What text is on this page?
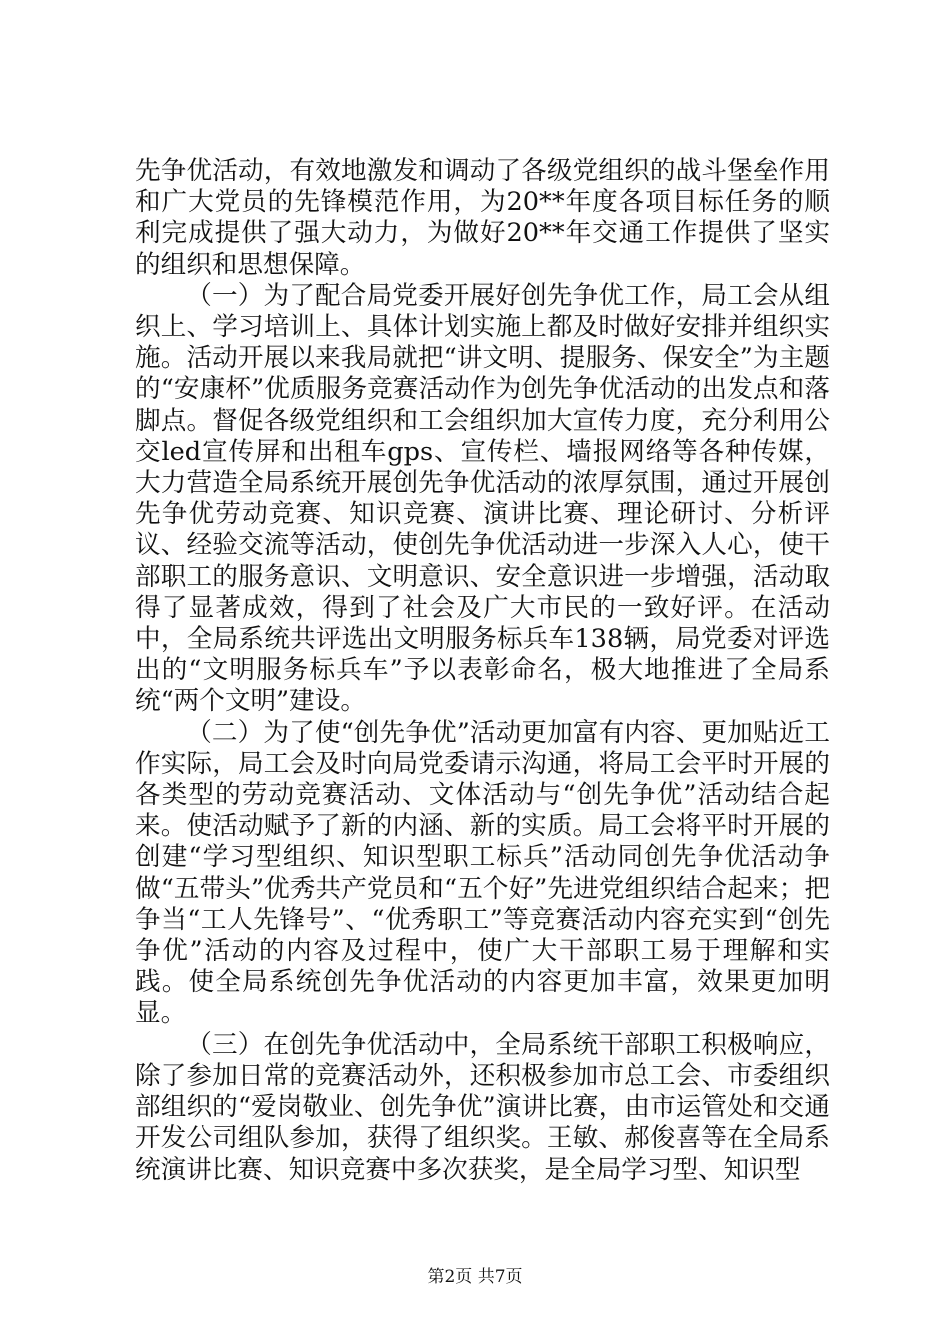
先争优活动，有效地激发和调动了各级党组织的战斗堡垒作用和广大党员的先锋模范作用，为20**年度各项目标任务的顺利完成提供了强大动力，为做好20**年交通工作提供了坚实的组织和思想保障。

（一）为了配合局党委开展好创先争优工作，局工会从组织上、学习培训上、具体计划实施上都及时做好安排并组织实施。活动开展以来我局就把“讲文明、提服务、保安全”为主题的“安康杯”优质服务竞赛活动作为创先争优活动的出发点和落脚点。督促各级党组织和工会组织加大宣传力度，充分利用公交led宣传屏和出租车gps、宣传栏、墙报网络等各种传媒，大力营造全局系统开展创先争优活动的浓厚氛围，通过开展创先争优劳动竞赛、知识竞赛、演讲比赛、理论研讨、分析评议、经验交流等活动，使创先争优活动进一步深入人心，使干部职工的服务意识、文明意识、安全意识进一步增强，活动取得了显著成效，得到了社会及广大市民的一致好评。在活动中，全局系统共评选出文明服务标兵车138辆，局党委对评选出的“文明服务标兵车”予以表彰命名，极大地推进了全局系统“两个文明”建设。

（二）为了使“创先争优”活动更加富有内容、更加贴近工作实际，局工会及时向局党委请示沟通，将局工会平时开展的各类型的劳动竞赛活动、文体活动与“创先争优”活动结合起来。使活动赋予了新的内涵、新的实质。局工会将平时开展的创建“学习型组织、知识型职工标兵”活动同创先争优活动争做“五带头”优秀共产党员和“五个好”先进党组织结合起来；把争当“工人先锋号”、“优秀职工”等竞赛活动内容充实到“创先争优”活动的内容及过程中，使广大干部职工易于理解和实践。使全局系统创先争优活动的内容更加丰富，效果更加明显。

（三）在创先争优活动中，全局系统干部职工积极响应，除了参加日常的竞赛活动外，还积极参加市总工会、市委组织部组织的“爱岗敬业、创先争优”演讲比赛，由市运管处和交通开发公司组队参加，获得了组织奖。王敏、郝俊喜等在全局系统演讲比赛、知识竞赛中多次获奖，是全局学习型、知识型

第2页 共7页
